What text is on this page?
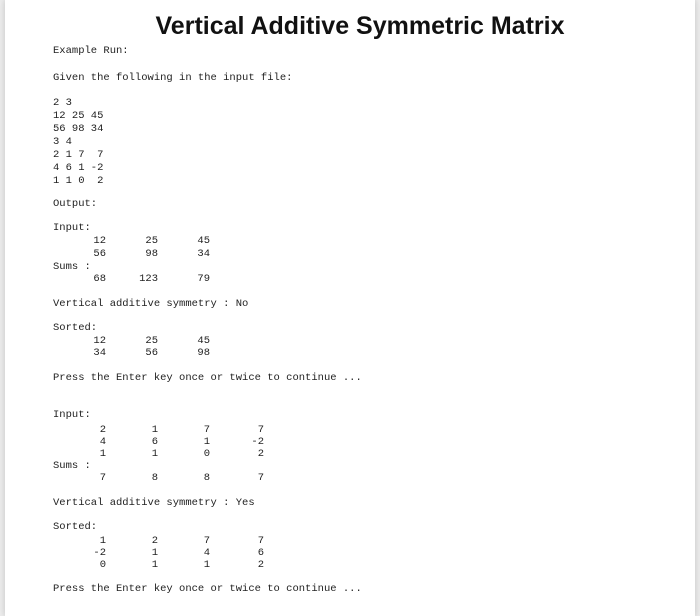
Vertical Additive Symmetric Matrix
Example Run:
Given the following in the input file:
2 3
12 25 45
56 98 34
3 4
2 1 7  7
4 6 1 -2
1 1 0  2
Output:
Input:
12	25	45
56	98	34
Sums :
68	123	79
Vertical additive symmetry : No
Sorted:
12	25	45
34	56	98
Press the Enter key once or twice to continue ...
Input:
2	1	7	7
4	6	1	-2
1	1	0	2
Sums :
7	8	8	7
Vertical additive symmetry : Yes
Sorted:
1	2	7	7
-2	1	4	6
0	1	1	2
Press the Enter key once or twice to continue ...
